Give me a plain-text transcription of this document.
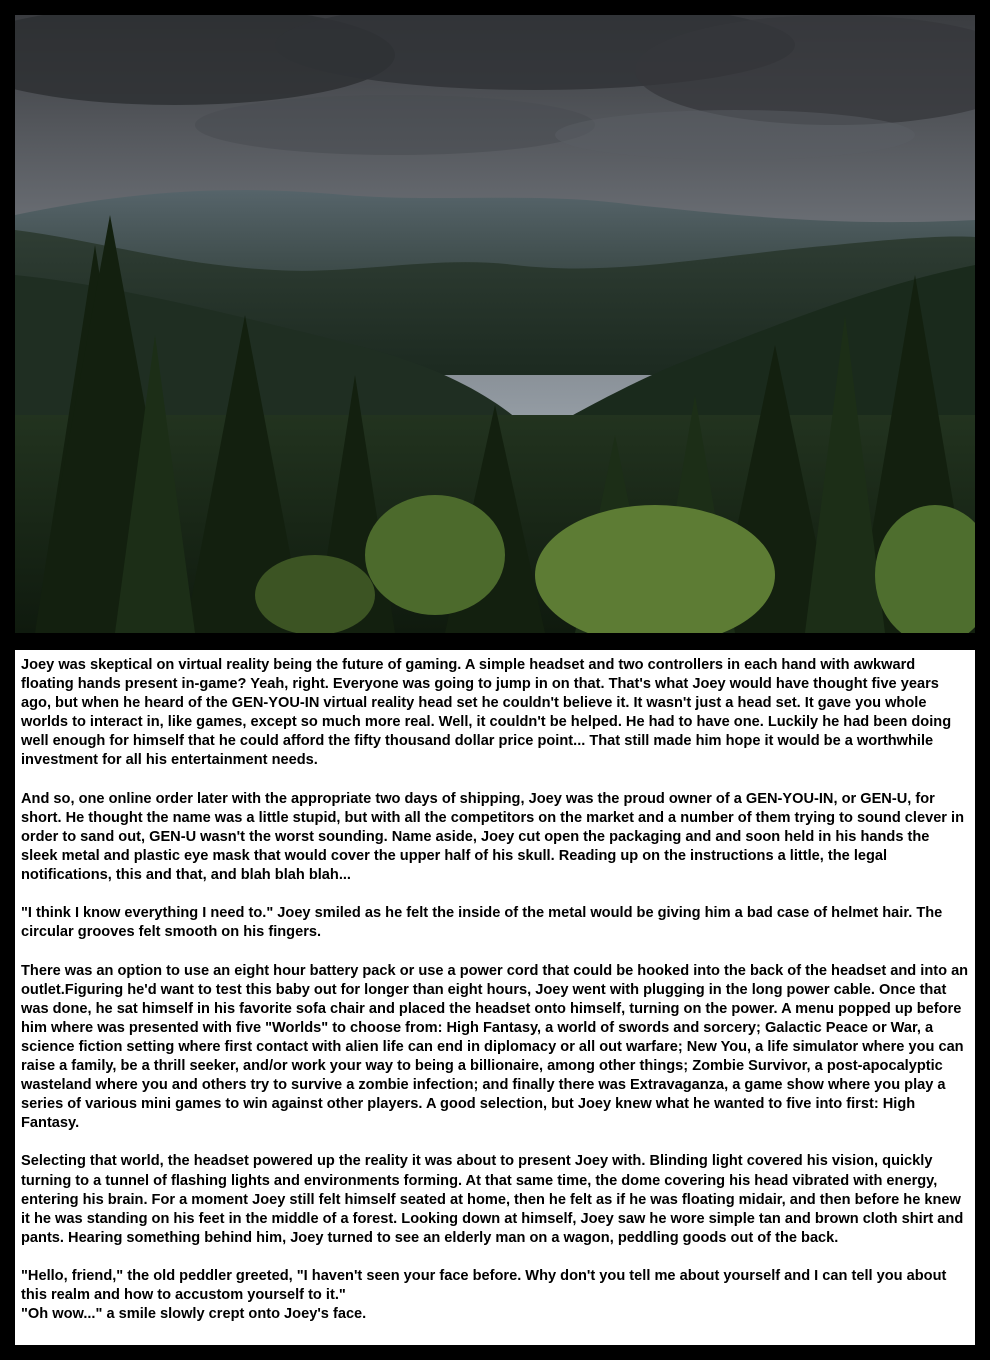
Joey was skeptical on virtual reality being the future of gaming. A simple headset and two controllers in each hand with awkward floating hands present in-game? Yeah, right. Everyone was going to jump in on that. That's what Joey would have thought five years ago, but when he heard of the GEN-YOU-IN virtual reality head set he couldn't believe it. It wasn't just a head set. It gave you whole worlds to interact in, like games, except so much more real. Well, it couldn't be helped. He had to have one. Luckily he had been doing well enough for himself that he could afford the fifty thousand dollar price point... That still made him hope it would be a worthwhile investment for all his entertainment needs.

And so, one online order later with the appropriate two days of shipping, Joey was the proud owner of a GEN-YOU-IN, or GEN-U, for short. He thought the name was a little stupid, but with all the competitors on the market and a number of them trying to sound clever in order to sand out, GEN-U wasn't the worst sounding. Name aside, Joey cut open the packaging and and soon held in his hands the sleek metal and plastic eye mask that would cover the upper half of his skull. Reading up on the instructions a little, the legal notifications, this and that, and blah blah blah...

"I think I know everything I need to." Joey smiled as he felt the inside of the metal would be giving him a bad case of helmet hair. The circular grooves felt smooth on his fingers.

There was an option to use an eight hour battery pack or use a power cord that could be hooked into the back of the headset and into an outlet.Figuring he'd want to test this baby out for longer than eight hours, Joey went with plugging in the long power cable. Once that was done, he sat himself in his favorite sofa chair and placed the headset onto himself, turning on the power. A menu popped up before him where was presented with five "Worlds" to choose from: High Fantasy, a world of swords and sorcery; Galactic Peace or War, a science fiction setting where first contact with alien life can end in diplomacy or all out warfare; New You, a life simulator where you can raise a family, be a thrill seeker, and/or work your way to being a billionaire, among other things; Zombie Survivor, a post-apocalyptic wasteland where you and others try to survive a zombie infection; and finally there was Extravaganza, a game show where you play a series of various mini games to win against other players. A good selection, but Joey knew what he wanted to five into first: High Fantasy.

Selecting that world, the headset powered up the reality it was about to present Joey with. Blinding light covered his vision, quickly turning to a tunnel of flashing lights and environments forming. At that same time, the dome covering his head vibrated with energy, entering his brain. For a moment Joey still felt himself seated at home, then he felt as if he was floating midair, and then before he knew it he was standing on his feet in the middle of a forest. Looking down at himself, Joey saw he wore simple tan and brown cloth shirt and pants. Hearing something behind him, Joey turned to see an elderly man on a wagon, peddling goods out of the back.

"Hello, friend," the old peddler greeted, "I haven't seen your face before. Why don't you tell me about yourself and I can tell you about this realm and how to accustom yourself to it."

"Oh wow..." a smile slowly crept onto Joey's face.
